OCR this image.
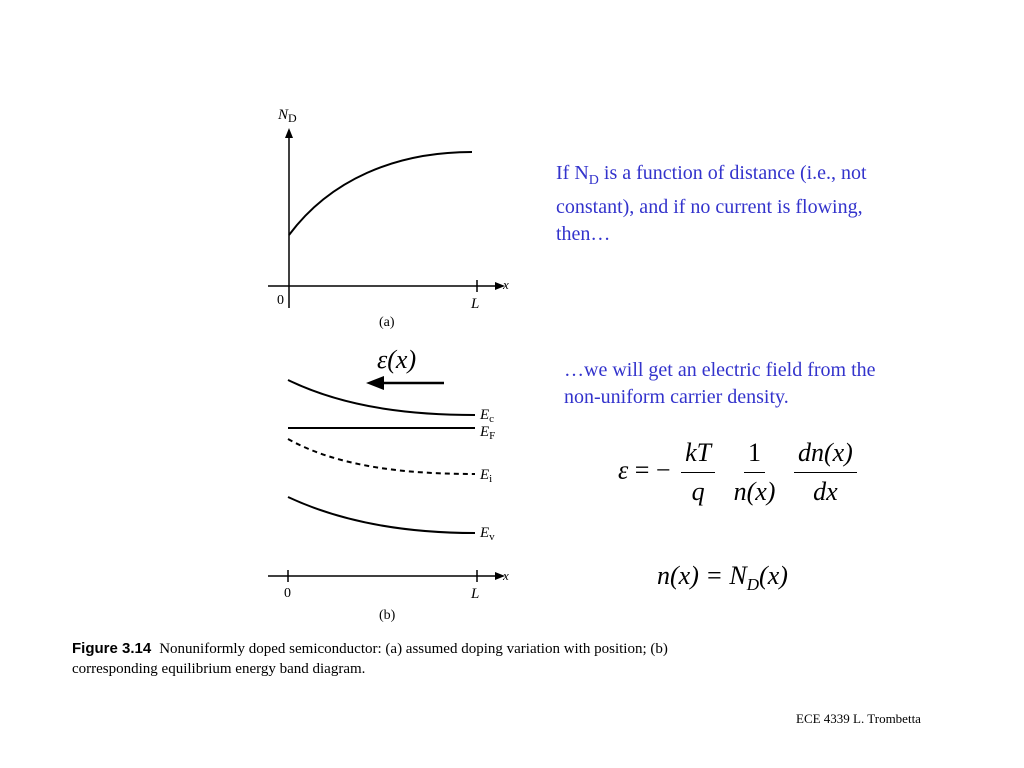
$N_D$
x
0	L
(a)
ε(x)
$E_c$
$E_F$
$E_i$
$E_v$
x
0	L
(b)
If $N_D$ is a function of distance (i.e., not constant), and if no current is flowing, then…
…we will get an electric field from the non-uniform carrier density.
ε = − $\frac{kT}{q}$
$\frac{1}{n(x)}$
$\frac{dn(x)}{dx}$
$n(x) = N_D(x)$
Figure 3.14 Nonuniformly doped semiconductor: (a) assumed doping variation with position; (b) corresponding equilibrium energy band diagram.
ECE 4339 L. Trombetta
